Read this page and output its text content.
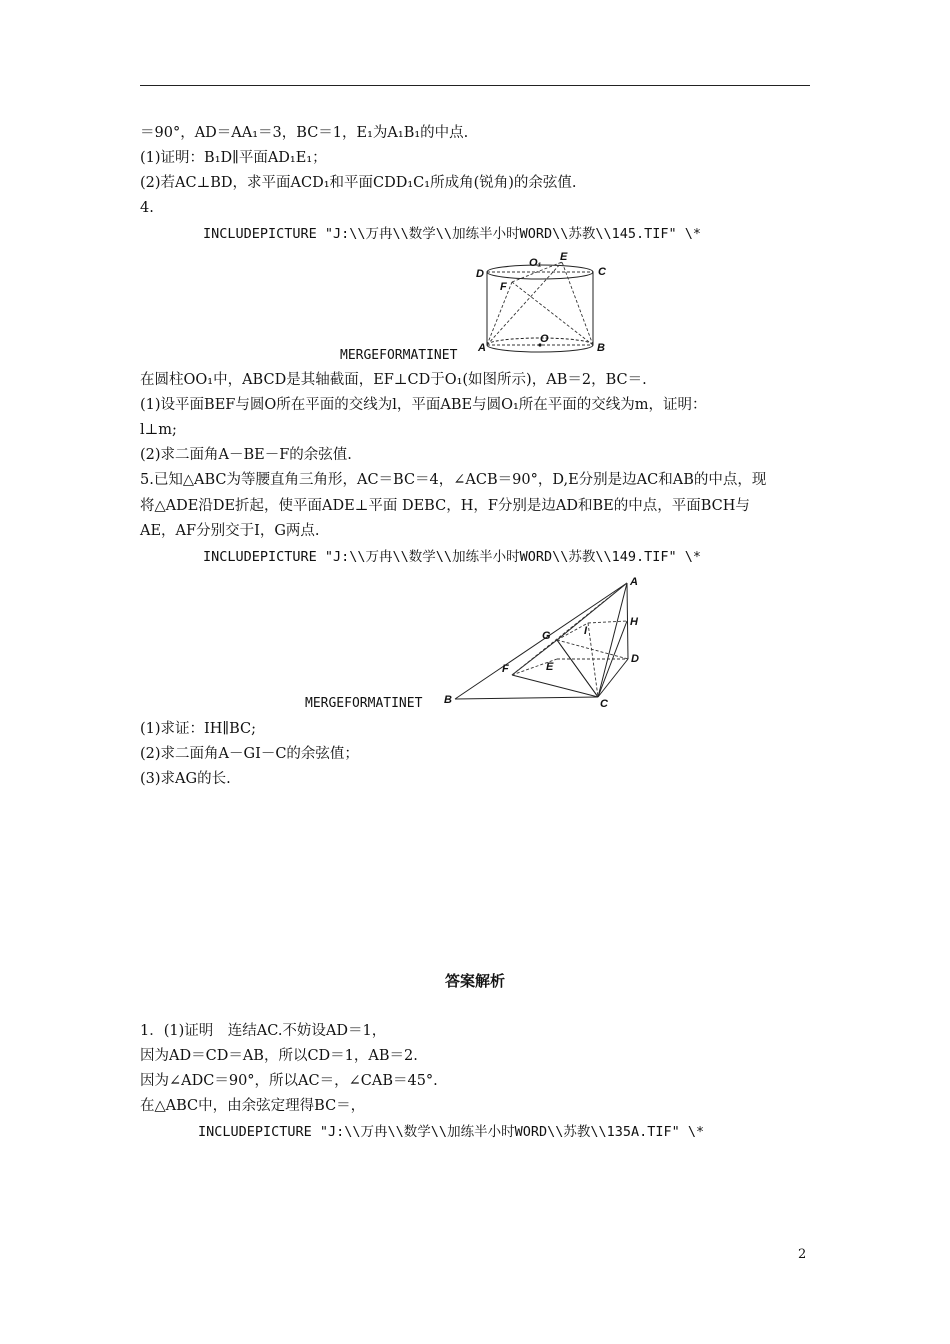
＝90°，AD＝AA₁＝3，BC＝1，E₁为A₁B₁的中点.
(1)证明：B₁D∥平面AD₁E₁；
(2)若AC⊥BD，求平面ACD₁和平面CDD₁C₁所成角(锐角)的余弦值.
4.
INCLUDEPICTURE "J:\\万冉\\数学\\加练半小时WORD\\苏教\\145.TIF" \*
D
O₁ E
C
F
A
O
B
MERGEFORMATINET
在圆柱OO₁中，ABCD是其轴截面，EF⊥CD于O₁(如图所示)，AB＝2，BC＝.
(1)设平面BEF与圆O所在平面的交线为l，平面ABE与圆O₁所在平面的交线为m，证明：
l⊥m;
(2)求二面角A－BE－F的余弦值.
5.已知△ABC为等腰直角三角形，AC＝BC＝4，∠ACB＝90°，D,E分别是边AC和AB的中点，现
将△ADE沿DE折起，使平面ADE⊥平面 DEBC，H，F分别是边AD和BE的中点，平面BCH与
AE，AF分别交于I，G两点.
INCLUDEPICTURE "J:\\万冉\\数学\\加练半小时WORD\\苏教\\149.TIF" \*
A
H
G	I
D
F	E
B	C
MERGEFORMATINET
(1)求证：IH∥BC;
(2)求二面角A－GI－C的余弦值；
(3)求AG的长.
答案解析
1．(1)证明　连结AC.不妨设AD＝1，
因为AD＝CD＝AB，所以CD＝1，AB＝2.
因为∠ADC＝90°，所以AC＝，∠CAB＝45°.
在△ABC中，由余弦定理得BC＝，
INCLUDEPICTURE "J:\\万冉\\数学\\加练半小时WORD\\苏教\\135A.TIF" \*
2
